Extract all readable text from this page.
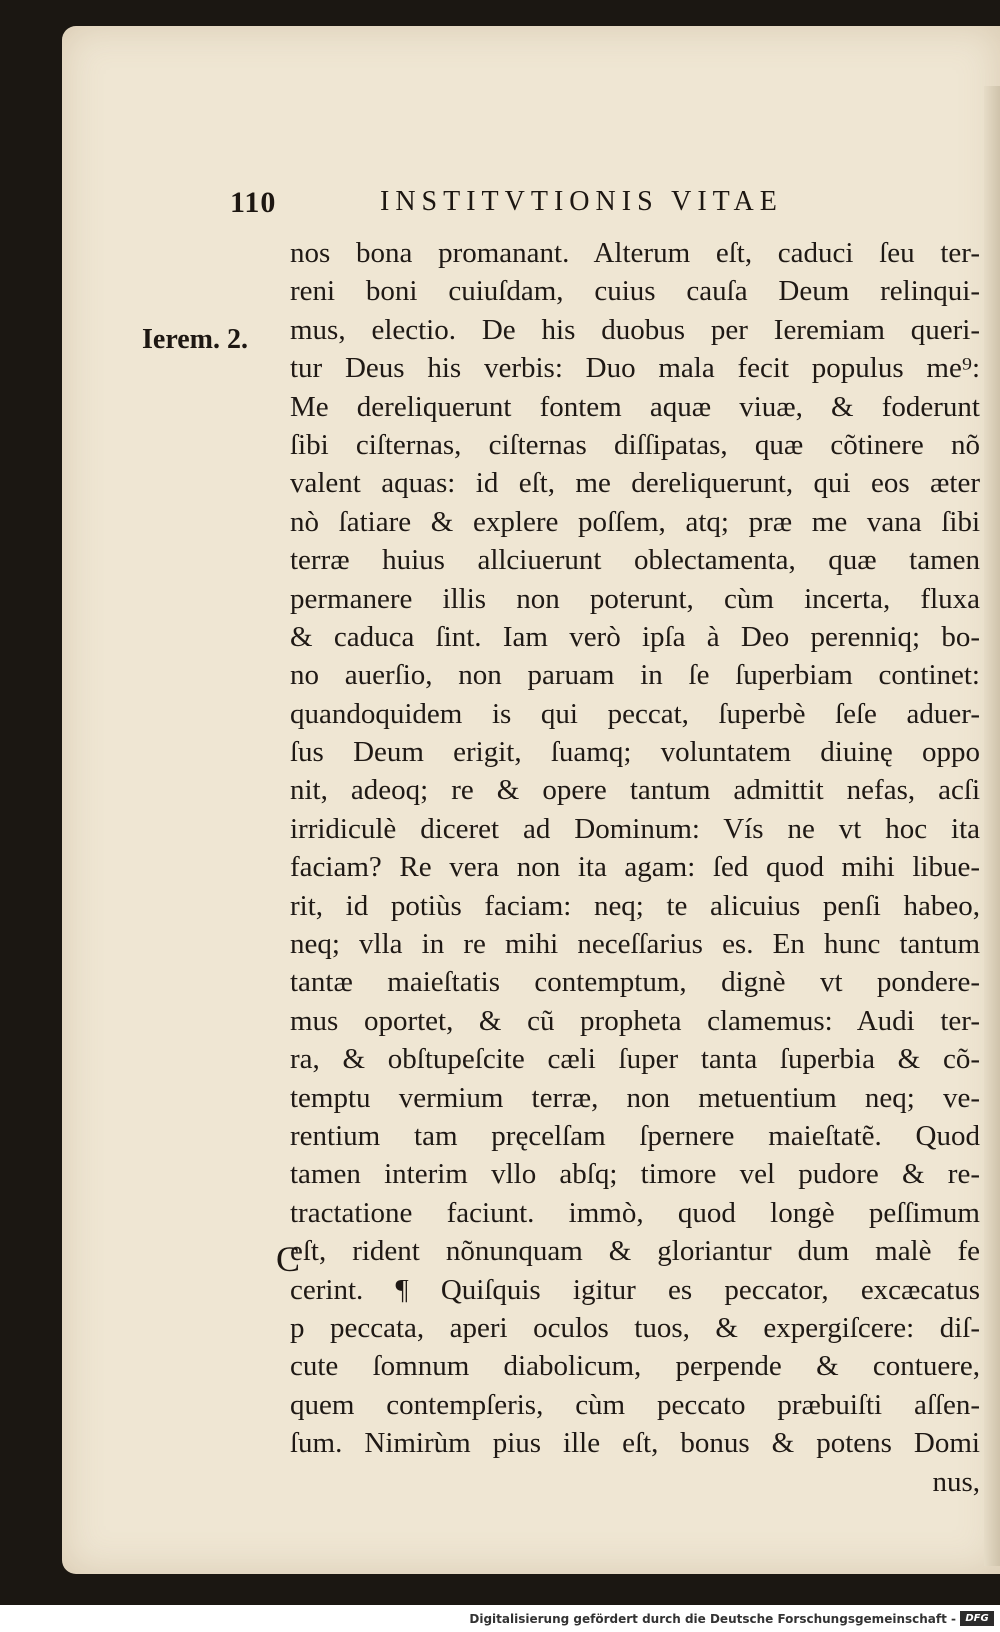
110	INSTITVTIONIS VITAE
Ierem. 2.
C
nos bona promanant. Alterum eſt, caduci ſeu ter-
reni boni cuiuſdam, cuius cauſa Deum relinqui-
mus, electio. De his duobus per Ieremiam queri-
tur Deus his verbis: Duo mala fecit populus me⁹:
Me dereliquerunt fontem aquæ viuæ, & foderunt
ſibi ciſternas, ciſternas diſſipatas, quæ cõtinere nõ
valent aquas: id eſt, me dereliquerunt, qui eos æter
nò ſatiare & explere poſſem, atq; præ me vana ſibi
terræ huius allciuerunt oblectamenta, quæ tamen
permanere illis non poterunt, cùm incerta, fluxa
& caduca ſint. Iam verò ipſa à Deo perenniq; bo-
no auerſio, non paruam in ſe ſuperbiam continet:
quandoquidem is qui peccat, ſuperbè ſeſe aduer-
ſus Deum erigit, ſuamq; voluntatem diuinę oppo
nit, adeoq; re & opere tantum admittit nefas, acſi
irridiculè diceret ad Dominum: Vís ne vt hoc ita
faciam? Re vera non ita agam: ſed quod mihi libue-
rit, id potiùs faciam: neq; te alicuius penſi habeo,
neq; vlla in re mihi neceſſarius es. En hunc tantum
tantæ maieſtatis contemptum, dignè vt pondere-
mus oportet, & cũ propheta clamemus: Audi ter-
ra, & obſtupeſcite cæli ſuper tanta ſuperbia & cõ-
temptu vermium terræ, non metuentium neq; ve-
rentium tam pręcelſam ſpernere maieſtatẽ. Quod
tamen interim vllo abſq; timore vel pudore & re-
tractatione faciunt. immò, quod longè peſſimum
eſt, rident nõnunquam & gloriantur dum malè fe
cerint. ¶ Quiſquis igitur es peccator, excæcatus
p peccata, aperi oculos tuos, & expergiſcere: diſ-
cute ſomnum diabolicum, perpende & contuere,
quem contempſeris, cùm peccato præbuiſti aſſen-
ſum. Nimirùm pius ille eſt, bonus & potens Domi
nus,
Digitalisierung gefördert durch die Deutsche Forschungsgemeinschaft - DFG
